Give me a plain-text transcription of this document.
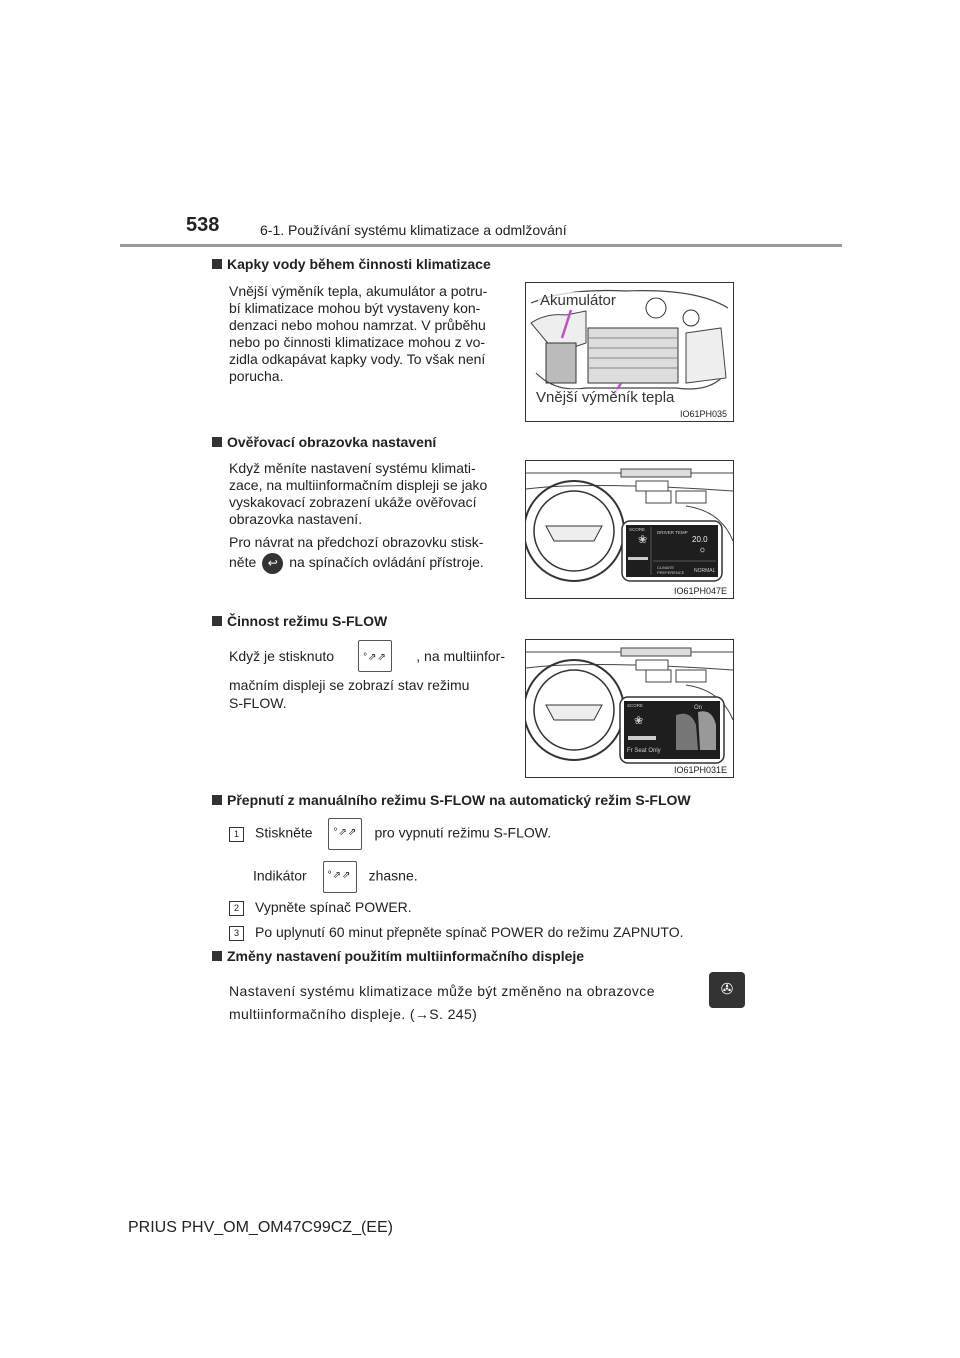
538	6-1. Používání systému klimatizace a odmlžování
Kapky vody během činnosti klimatizace
Vnější výměník tepla, akumulátor a potru-
bí klimatizace mohou být vystaveny kon-
denzaci nebo mohou namrzat. V průběhu
nebo po činnosti klimatizace mohou z vo-
zidla odkapávat kapky vody. To však není
porucha.
Akumulátor
Vnější výměník tepla
IO61PH035
Ověřovací obrazovka nastavení
Když měníte nastavení systému klimati-
zace, na multiinformačním displeji se jako
vyskakovací zobrazení ukáže ověřovací
obrazovka nastavení.
Pro návrat na předchozí obrazovku stisk-
něte ↩ na spínačích ovládání přístroje.
❀
⛭
SCORE
DRIVER TEMP
20.0
CLIMATE PREFERENCE	NORMAL
IO61PH047E
Činnost režimu S-FLOW
Když je stisknuto	°⇗⇗ , na multiinfor-
mačním displeji se zobrazí stav režimu
S-FLOW.
❀
SCORE	On
Fr Seat Only
IO61PH031E
Přepnutí z manuálního režimu S-FLOW na automatický režim S-FLOW
1 Stiskněte °⇗⇗ pro vypnutí režimu S-FLOW.
Indikátor °⇗⇗ zhasne.
2 Vypněte spínač POWER.
3 Po uplynutí 60 minut přepněte spínač POWER do režimu ZAPNUTO.
Změny nastavení použitím multiinformačního displeje
Nastavení systému klimatizace může být změněno na obrazovce
multiinformačního displeje. (→S. 245)
✇
PRIUS PHV_OM_OM47C99CZ_(EE)
